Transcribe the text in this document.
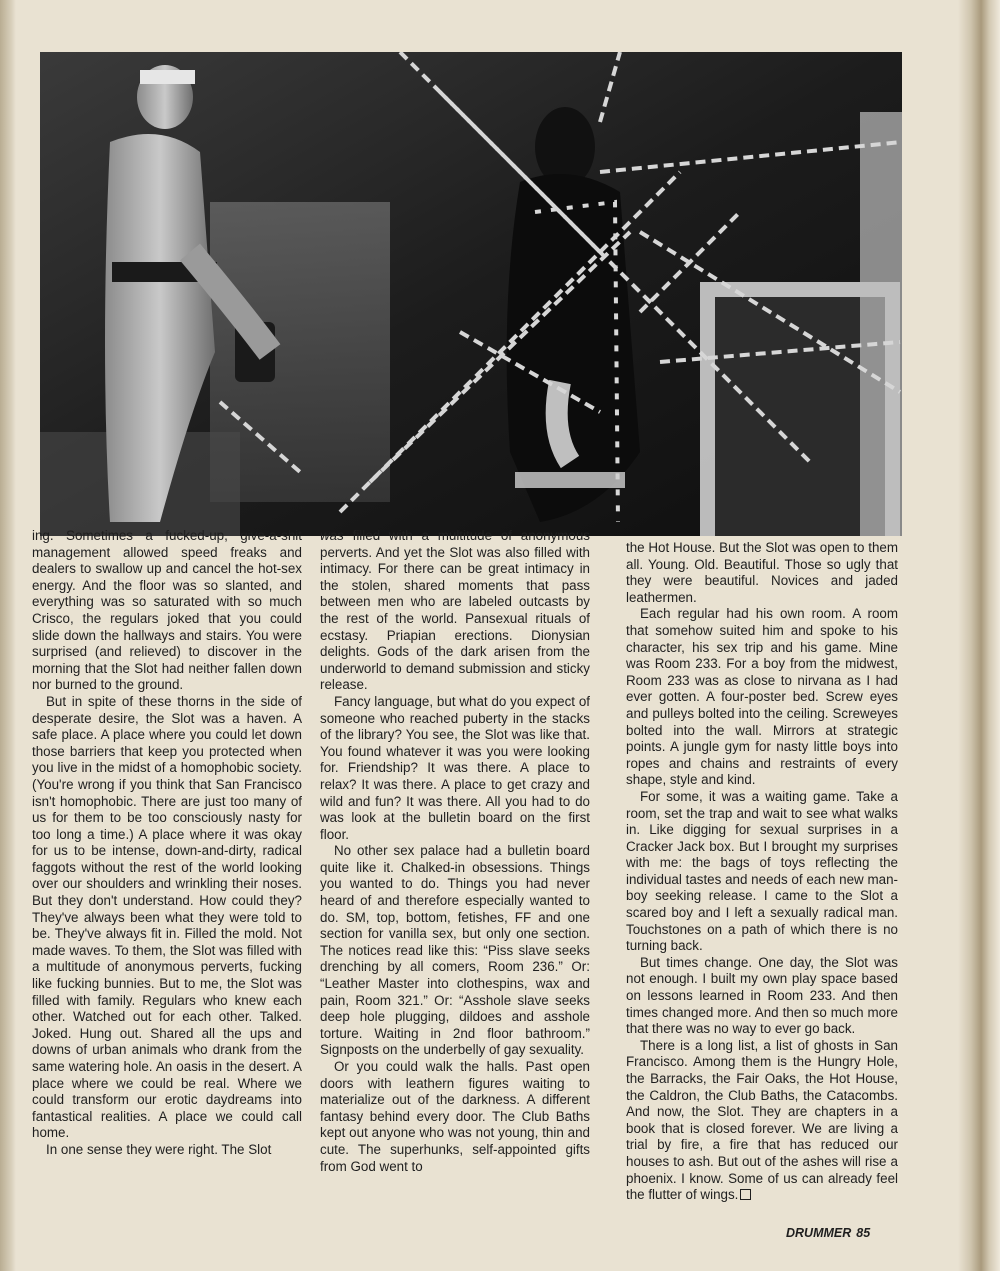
ing. Sometimes a fucked-up, give-a-shit management allowed speed freaks and dealers to swallow up and cancel the hot-sex energy. And the floor was so slanted, and everything was so saturated with so much Crisco, the regulars joked that you could slide down the hallways and stairs. You were surprised (and relieved) to discover in the morning that the Slot had neither fallen down nor burned to the ground.

But in spite of these thorns in the side of desperate desire, the Slot was a haven. A safe place. A place where you could let down those barriers that keep you protected when you live in the midst of a homophobic society. (You're wrong if you think that San Francisco isn't homophobic. There are just too many of us for them to be too consciously nasty for too long a time.) A place where it was okay for us to be intense, down-and-dirty, radical faggots without the rest of the world looking over our shoulders and wrinkling their noses. But they don't understand. How could they? They've always been what they were told to be. They've always fit in. Filled the mold. Not made waves. To them, the Slot was filled with a multitude of anonymous perverts, fucking like fucking bunnies. But to me, the Slot was filled with family. Regulars who knew each other. Watched out for each other. Talked. Joked. Hung out. Shared all the ups and downs of urban animals who drank from the same watering hole. An oasis in the desert. A place where we could be real. Where we could transform our erotic daydreams into fantastical realities. A place we could call home.

In one sense they were right. The Slot

was filled with a multitude of anonymous perverts. And yet the Slot was also filled with intimacy. For there can be great intimacy in the stolen, shared moments that pass between men who are labeled outcasts by the rest of the world. Pansexual rituals of ecstasy. Priapian erections. Dionysian delights. Gods of the dark arisen from the underworld to demand submission and sticky release.

Fancy language, but what do you expect of someone who reached puberty in the stacks of the library? You see, the Slot was like that. You found whatever it was you were looking for. Friendship? It was there. A place to relax? It was there. A place to get crazy and wild and fun? It was there. All you had to do was look at the bulletin board on the first floor.

No other sex palace had a bulletin board quite like it. Chalked-in obsessions. Things you wanted to do. Things you had never heard of and therefore especially wanted to do. SM, top, bottom, fetishes, FF and one section for vanilla sex, but only one section. The notices read like this: “Piss slave seeks drenching by all comers, Room 236.” Or: “Leather Master into clothespins, wax and pain, Room 321.” Or: “Asshole slave seeks deep hole plugging, dildoes and asshole torture. Waiting in 2nd floor bathroom.” Signposts on the underbelly of gay sexuality.

Or you could walk the halls. Past open doors with leathern figures waiting to materialize out of the darkness. A different fantasy behind every door. The Club Baths kept out anyone who was not young, thin and cute. The superhunks, self-appointed gifts from God went to

the Hot House. But the Slot was open to them all. Young. Old. Beautiful. Those so ugly that they were beautiful. Novices and jaded leathermen.

Each regular had his own room. A room that somehow suited him and spoke to his character, his sex trip and his game. Mine was Room 233. For a boy from the midwest, Room 233 was as close to nirvana as I had ever gotten. A four-poster bed. Screw eyes and pulleys bolted into the ceiling. Screweyes bolted into the wall. Mirrors at strategic points. A jungle gym for nasty little boys into ropes and chains and restraints of every shape, style and kind.

For some, it was a waiting game. Take a room, set the trap and wait to see what walks in. Like digging for sexual surprises in a Cracker Jack box. But I brought my surprises with me: the bags of toys reflecting the individual tastes and needs of each new man-boy seeking release. I came to the Slot a scared boy and I left a sexually radical man. Touchstones on a path of which there is no turning back.

But times change. One day, the Slot was not enough. I built my own play space based on lessons learned in Room 233. And then times changed more. And then so much more that there was no way to ever go back.

There is a long list, a list of ghosts in San Francisco. Among them is the Hungry Hole, the Barracks, the Fair Oaks, the Hot House, the Caldron, the Club Baths, the Catacombs. And now, the Slot. They are chapters in a book that is closed forever. We are living a trial by fire, a fire that has reduced our houses to ash. But out of the ashes will rise a phoenix. I know. Some of us can already feel the flutter of wings.

DRUMMER 85
